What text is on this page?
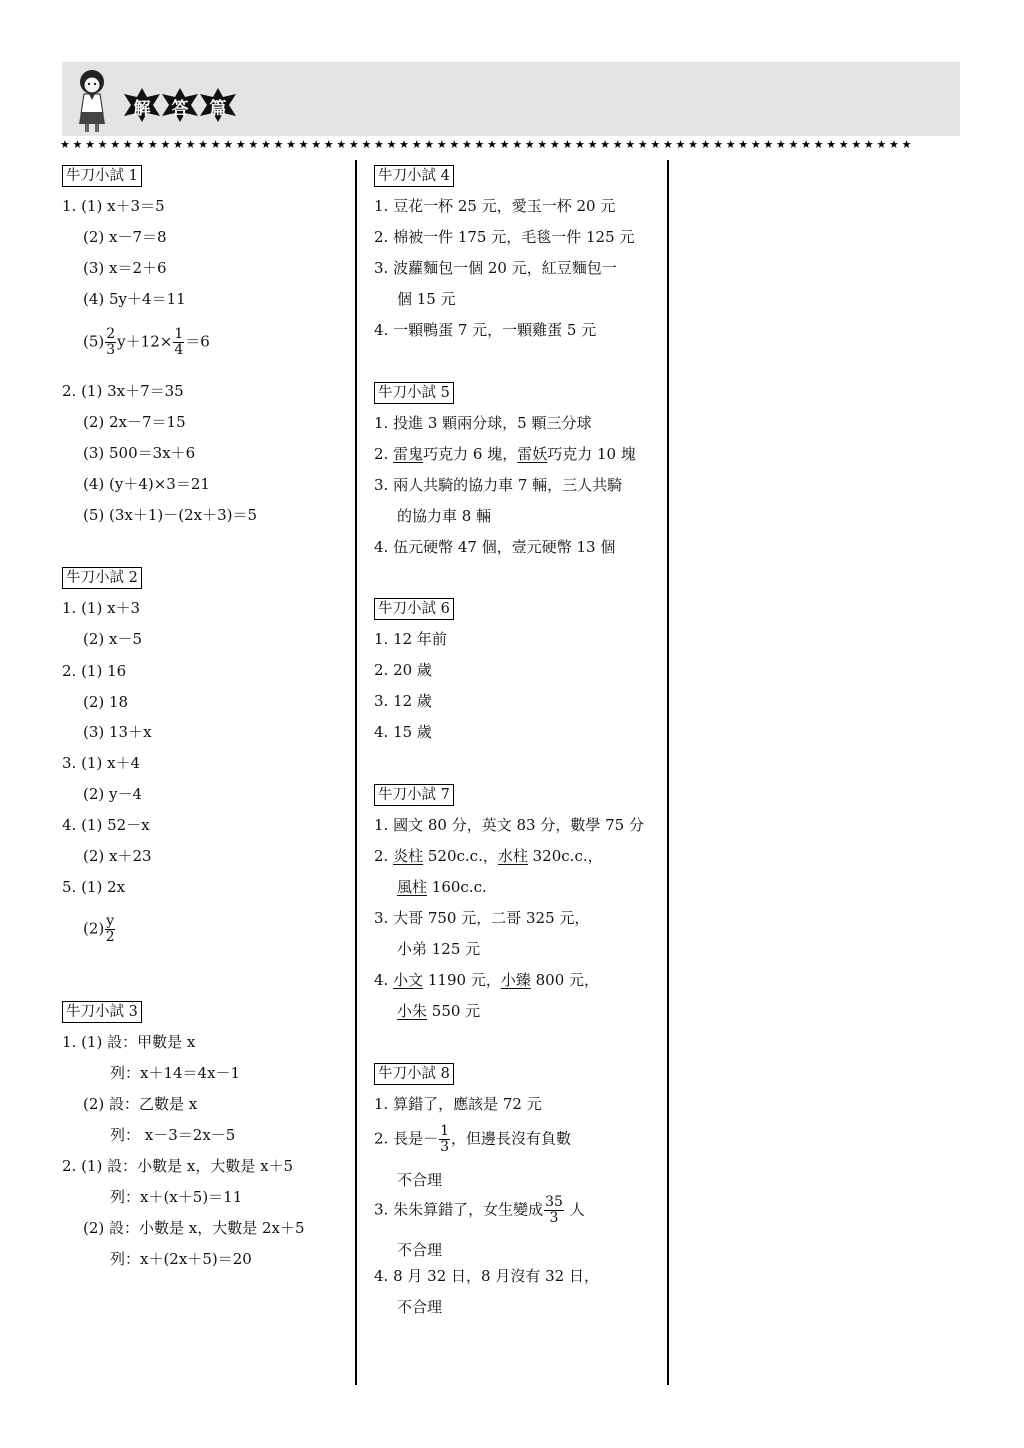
解	答	篇
★★★★★★★★★★★★★★★★★★★★★★★★★★★★★★★★★★★★★★★★★★★★★★★★★★★★★★★★★★★★★★★★★★★★
牛刀小試 1
1. (1) x＋3＝5
(2) x－7＝8
(3) x＝2＋6
(4) 5y＋4＝11
$(5) \frac{2}{3} y+12\times \frac{1}{4} =6$
2. (1) 3x＋7＝35
(2) 2x－7＝15
(3) 500＝3x＋6
(4) (y＋4)×3＝21
(5) (3x＋1)－(2x＋3)＝5
牛刀小試 2
1. (1) x＋3
(2) x－5
2. (1) 16
(2) 18
(3) 13＋x
3. (1) x＋4
(2) y－4
4. (1) 52－x
(2) x＋23
5. (1) 2x
$(2) \frac{y}{2}$
牛刀小試 3
1. (1) 設：甲數是 x
列：x＋14＝4x－1
(2) 設：乙數是 x
列： x－3＝2x－5
2. (1) 設：小數是 x，大數是 x＋5
列：x＋(x＋5)＝11
(2) 設：小數是 x，大數是 2x＋5
列：x＋(2x＋5)＝20
牛刀小試 4
1. 豆花一杯 25 元，愛玉一杯 20 元
2. 棉被一件 175 元，毛毯一件 125 元
3. 波蘿麵包一個 20 元，紅豆麵包一
個 15 元
4. 一顆鴨蛋 7 元，一顆雞蛋 5 元
牛刀小試 5
1. 投進 3 顆兩分球，5 顆三分球
2. 雷鬼巧克力 6 塊，雷妖巧克力 10 塊
3. 兩人共騎的協力車 7 輛，三人共騎
的協力車 8 輛
4. 伍元硬幣 47 個，壹元硬幣 13 個
牛刀小試 6
1. 12 年前
2. 20 歲
3. 12 歲
4. 15 歲
牛刀小試 7
1. 國文 80 分，英文 83 分，數學 75 分
2. 炎柱 520c.c.，水柱 320c.c.，
風柱 160c.c.
3. 大哥 750 元，二哥 325 元，
小弟 125 元
4. 小文 1190 元，小臻 800 元，
小朱 550 元
牛刀小試 8
1. 算錯了，應該是 72 元
2. 長是－ $\frac{1}{3}$ ，但邊長沒有負數
不合理
3. 朱朱算錯了，女生變成 $\frac{35}{3}$ 人
不合理
4. 8 月 32 日，8 月沒有 32 日，
不合理
